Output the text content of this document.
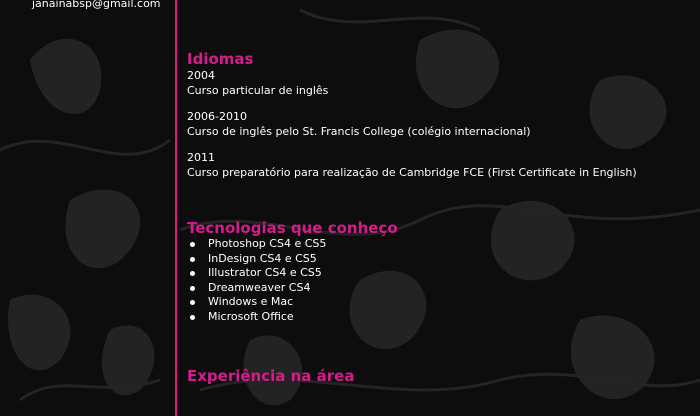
janainabsp@gmail.com
Idiomas
2004
Curso particular de inglês
2006-2010
Curso de inglês pelo St. Francis College (colégio internacional)
2011
Curso preparatório para realização de Cambridge FCE (First Certificate in English)
Tecnologias que conheço
Photoshop CS4 e CS5
InDesign CS4 e CS5
Illustrator CS4 e CS5
Dreamweaver CS4
Windows e Mac
Microsoft Office
Experiência na área
